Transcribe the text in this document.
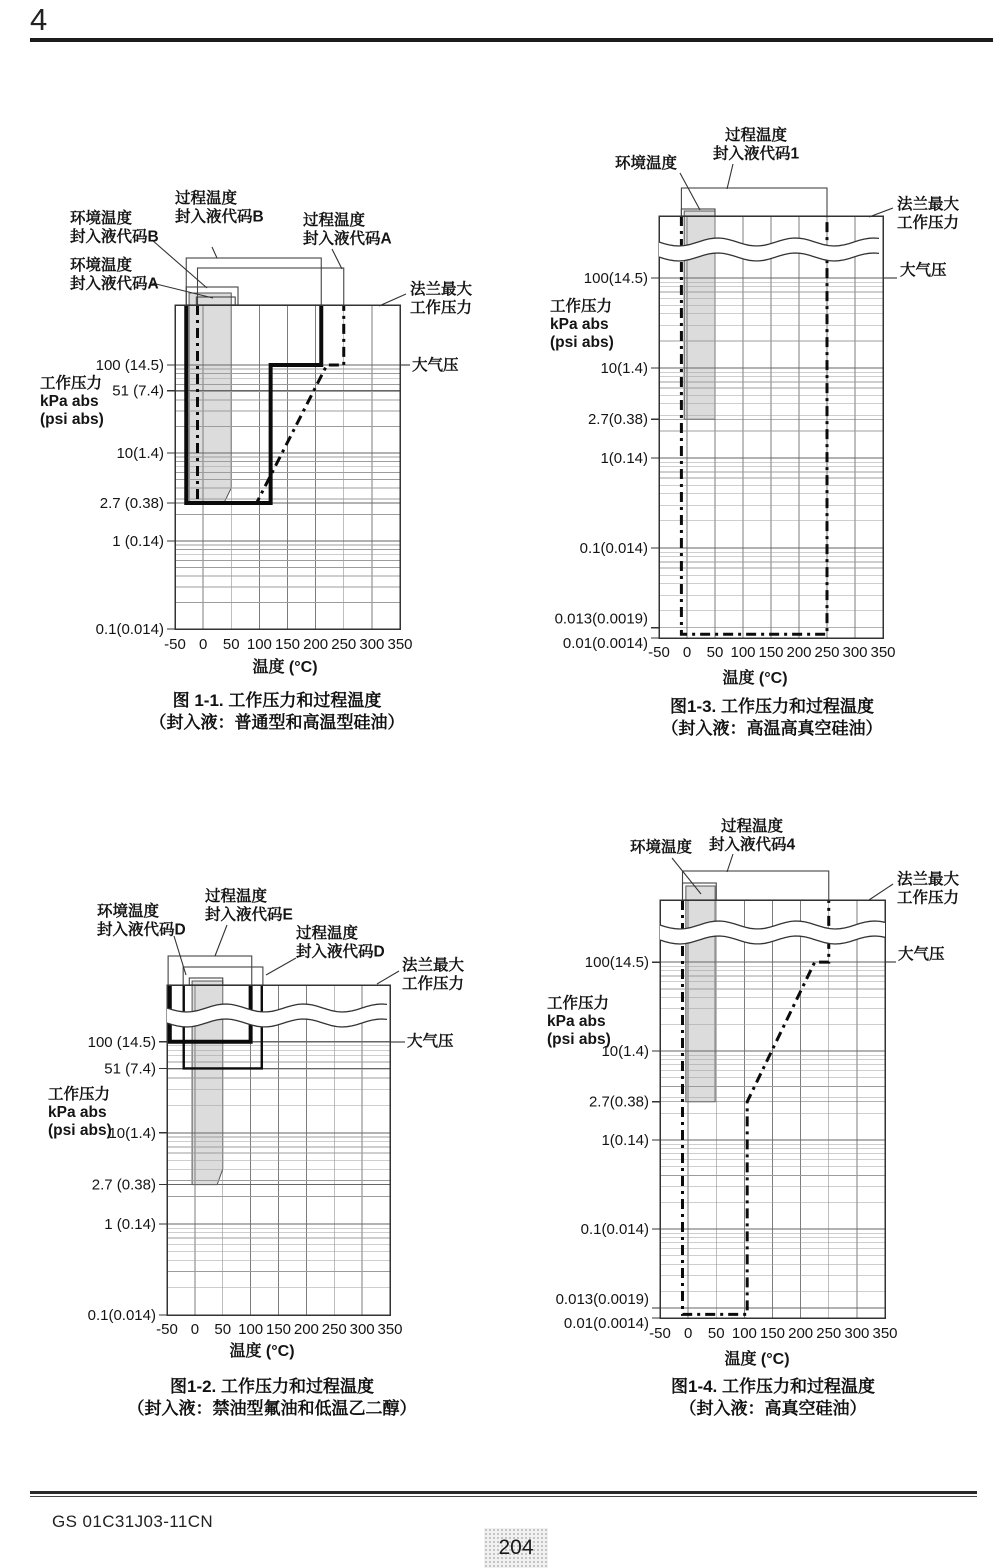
4
100 (14.5)
51 (7.4)
10(1.4)
2.7 (0.38)
1 (0.14)
0.1(0.014)
-50 0 50 100 150 200 250 300 350
温度 (°C)
工作压力
kPa abs
(psi abs)
环境温度封入液代码B
过程温度封入液代码B	过程温度封入液代码A
环境温度封入液代码A	法兰最大工作压力
大气压
100(14.5)
10(1.4)
2.7(0.38)
1(0.14)
0.1(0.014)
0.013(0.0019)
0.01(0.0014)
-50 0 50 100 150 200 250 300 350
温度 (°C)
工作压力
kPa abs
(psi abs)
环境温度
过程温度封入液代码1
法兰最大工作压力
大气压
100 (14.5)
51 (7.4)
10(1.4)
2.7 (0.38)
1 (0.14)
0.1(0.014)
-50 0 50 100 150 200 250 300 350
温度 (°C)
工作压力
kPa abs
(psi abs)
环境温度封入液代码D
过程温度封入液代码E
过程温度封入液代码D
法兰最大工作压力
大气压
100(14.5)
10(1.4)
2.7(0.38)
1(0.14)
0.1(0.014)
0.013(0.0019)
0.01(0.0014)
-50 0 50 100 150 200 250 300 350
温度 (°C)
工作压力
kPa abs
(psi abs)
环境温度
过程温度封入液代码4
法兰最大工作压力
大气压
图 1-1. 工作压力和过程温度
（封入液：普通型和高温型硅油）
图1-3. 工作压力和过程温度
（封入液：高温高真空硅油）
图1-2. 工作压力和过程温度
（封入液：禁油型氟油和低温乙二醇）
图1-4. 工作压力和过程温度
（封入液：高真空硅油）
GS 01C31J03-11CN
204
